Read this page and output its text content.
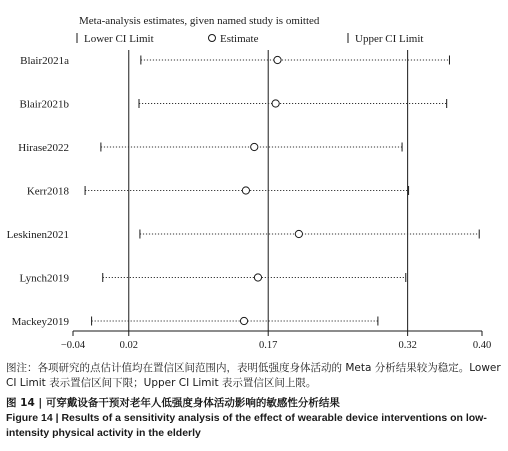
Meta-analysis estimates, given named study is omitted
Lower CI Limit	Estimate	Upper CI Limit
Blair2021a
Blair2021b
Hirase2022
Kerr2018
Leskinen2021
Lynch2019
Mackey2019
−0.04	0.02	0.17	0.32	0.40
图注：各项研究的点估计值均在置信区间范围内，表明低强度身体活动的 Meta 分析结果较为稳定。Lower CI Limit 表示置信区间下限；Upper CI Limit 表示置信区间上限。
图 14 | 可穿戴设备干预对老年人低强度身体活动影响的敏感性分析结果
Figure 14 | Results of a sensitivity analysis of the effect of wearable device interventions on low-intensity physical activity in the elderly
